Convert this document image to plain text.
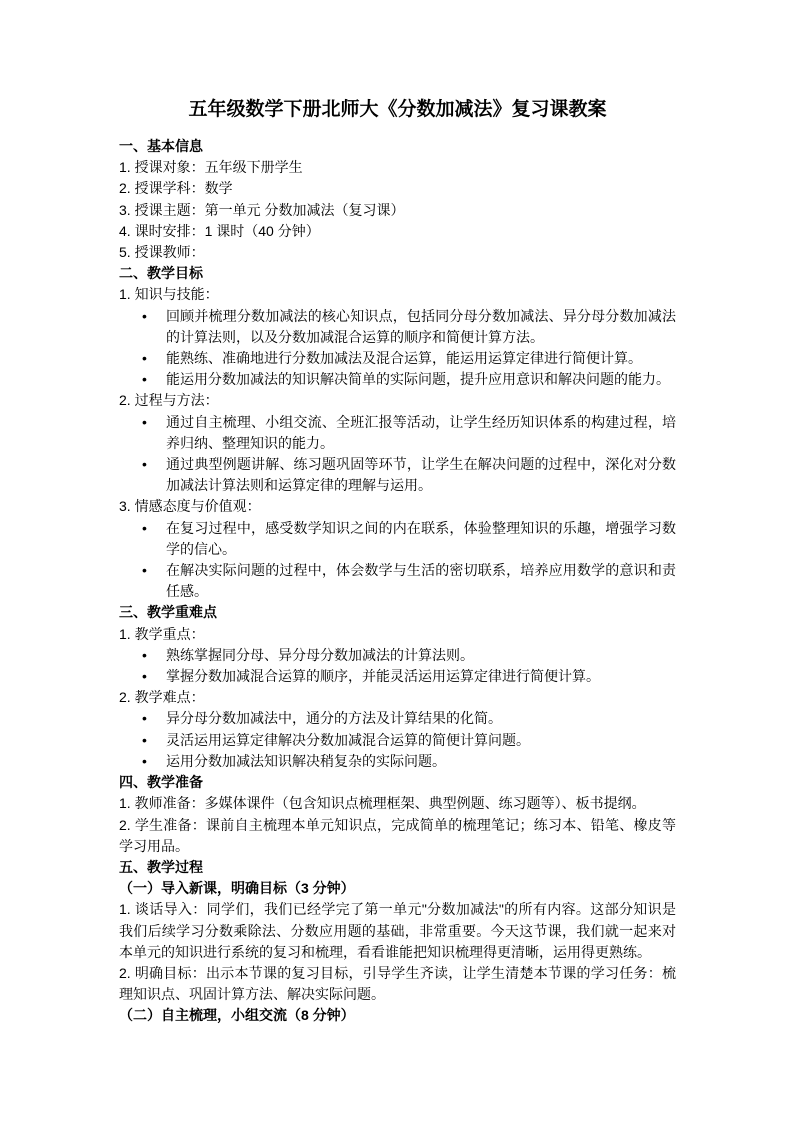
五年级数学下册北师大《分数加减法》复习课教案
一、基本信息

1. 授课对象：五年级下册学生

2. 授课学科：数学

3. 授课主题：第一单元 分数加减法（复习课）

4. 课时安排：1 课时（40 分钟）

5. 授课教师：

二、教学目标

1. 知识与技能：

• 回顾并梳理分数加减法的核心知识点，包括同分母分数加减法、异分母分数加减法的计算法则，以及分数加减混合运算的顺序和简便计算方法。
• 能熟练、准确地进行分数加减法及混合运算，能运用运算定律进行简便计算。
• 能运用分数加减法的知识解决简单的实际问题，提升应用意识和解决问题的能力。

2. 过程与方法：

• 通过自主梳理、小组交流、全班汇报等活动，让学生经历知识体系的构建过程，培养归纳、整理知识的能力。
• 通过典型例题讲解、练习题巩固等环节，让学生在解决问题的过程中，深化对分数加减法计算法则和运算定律的理解与运用。

3. 情感态度与价值观：

• 在复习过程中，感受数学知识之间的内在联系，体验整理知识的乐趣，增强学习数学的信心。
• 在解决实际问题的过程中，体会数学与生活的密切联系，培养应用数学的意识和责任感。
三、教学重难点

1. 教学重点：

• 熟练掌握同分母、异分母分数加减法的计算法则。
• 掌握分数加减混合运算的顺序，并能灵活运用运算定律进行简便计算。

2. 教学难点：

• 异分母分数加减法中，通分的方法及计算结果的化简。
• 灵活运用运算定律解决分数加减混合运算的简便计算问题。
• 运用分数加减法知识解决稍复杂的实际问题。
四、教学准备

1. 教师准备：多媒体课件（包含知识点梳理框架、典型例题、练习题等）、板书提纲。

2. 学生准备：课前自主梳理本单元知识点，完成简单的梳理笔记；练习本、铅笔、橡皮等学习用品。

五、教学过程

（一）导入新课，明确目标（3 分钟）

1. 谈话导入：同学们，我们已经学完了第一单元"分数加减法"的所有内容。这部分知识是我们后续学习分数乘除法、分数应用题的基础，非常重要。今天这节课，我们就一起来对本单元的知识进行系统的复习和梳理，看看谁能把知识梳理得更清晰，运用得更熟练。

2. 明确目标：出示本节课的复习目标，引导学生齐读，让学生清楚本节课的学习任务：梳理知识点、巩固计算方法、解决实际问题。

（二）自主梳理，小组交流（8 分钟）
